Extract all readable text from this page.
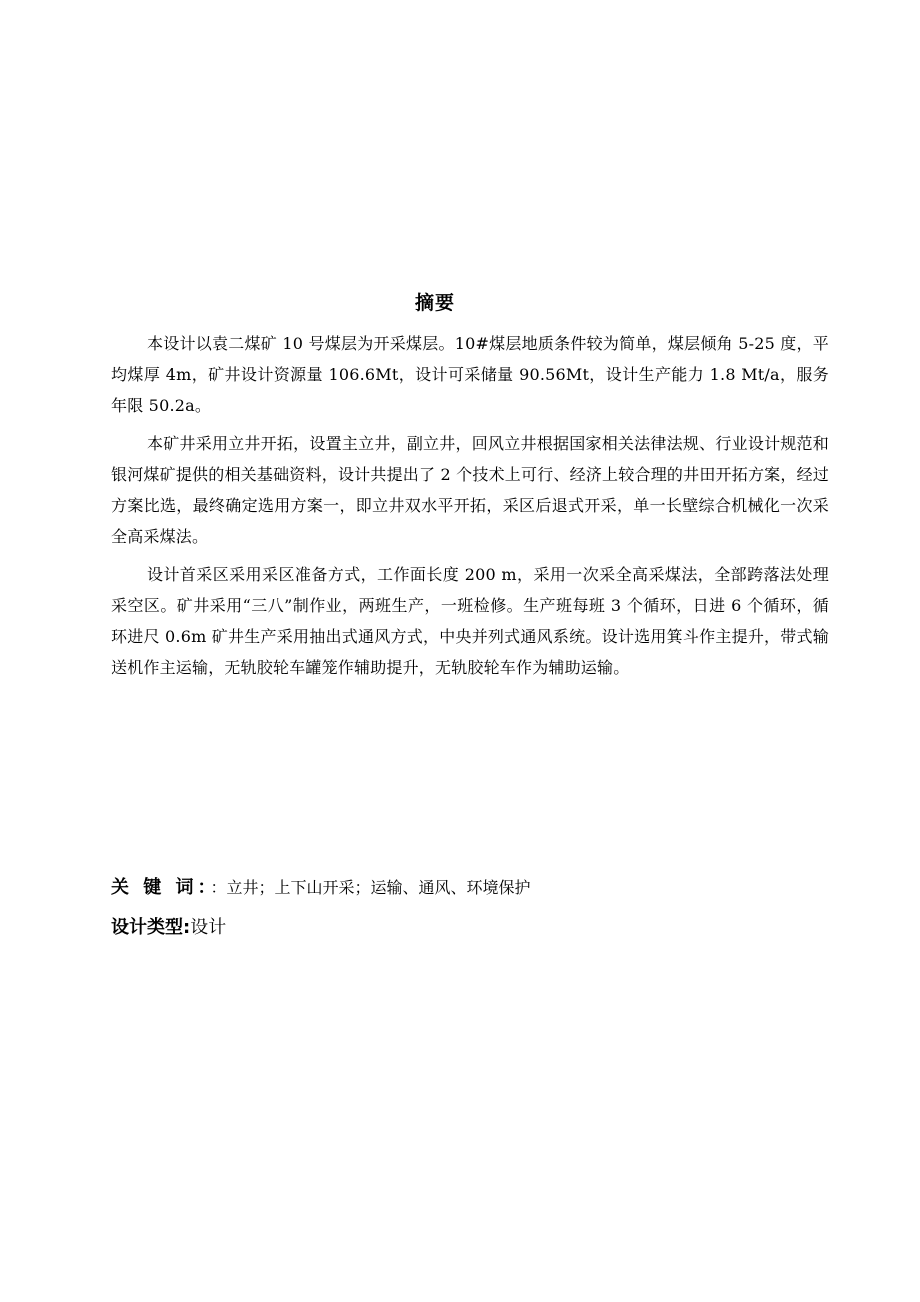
摘要

本设计以袁二煤矿 10 号煤层为开采煤层。10#煤层地质条件较为简单，煤层倾角 5-25 度，平均煤厚 4m，矿井设计资源量 106.6Mt，设计可采储量 90.56Mt，设计生产能力 1.8 Mt/a，服务年限 50.2a。

本矿井采用立井开拓，设置主立井，副立井，回风立井根据国家相关法律法规、行业设计规范和银河煤矿提供的相关基础资料，设计共提出了 2 个技术上可行、经济上较合理的井田开拓方案，经过方案比选，最终确定选用方案一，即立井双水平开拓，采区后退式开采，单一长壁综合机械化一次采全高采煤法。

设计首采区采用采区准备方式，工作面长度 200 m，采用一次采全高采煤法，全部跨落法处理采空区。矿井采用“三八”制作业，两班生产，一班检修。生产班每班 3 个循环，日进 6 个循环，循环进尺 0.6m 矿井生产采用抽出式通风方式，中央并列式通风系统。设计选用箕斗作主提升，带式输送机作主运输，无轨胶轮车罐笼作辅助提升，无轨胶轮车作为辅助运输。

关 键 词：：立井；上下山开采；运输、通风、环境保护
设计类型:设计
